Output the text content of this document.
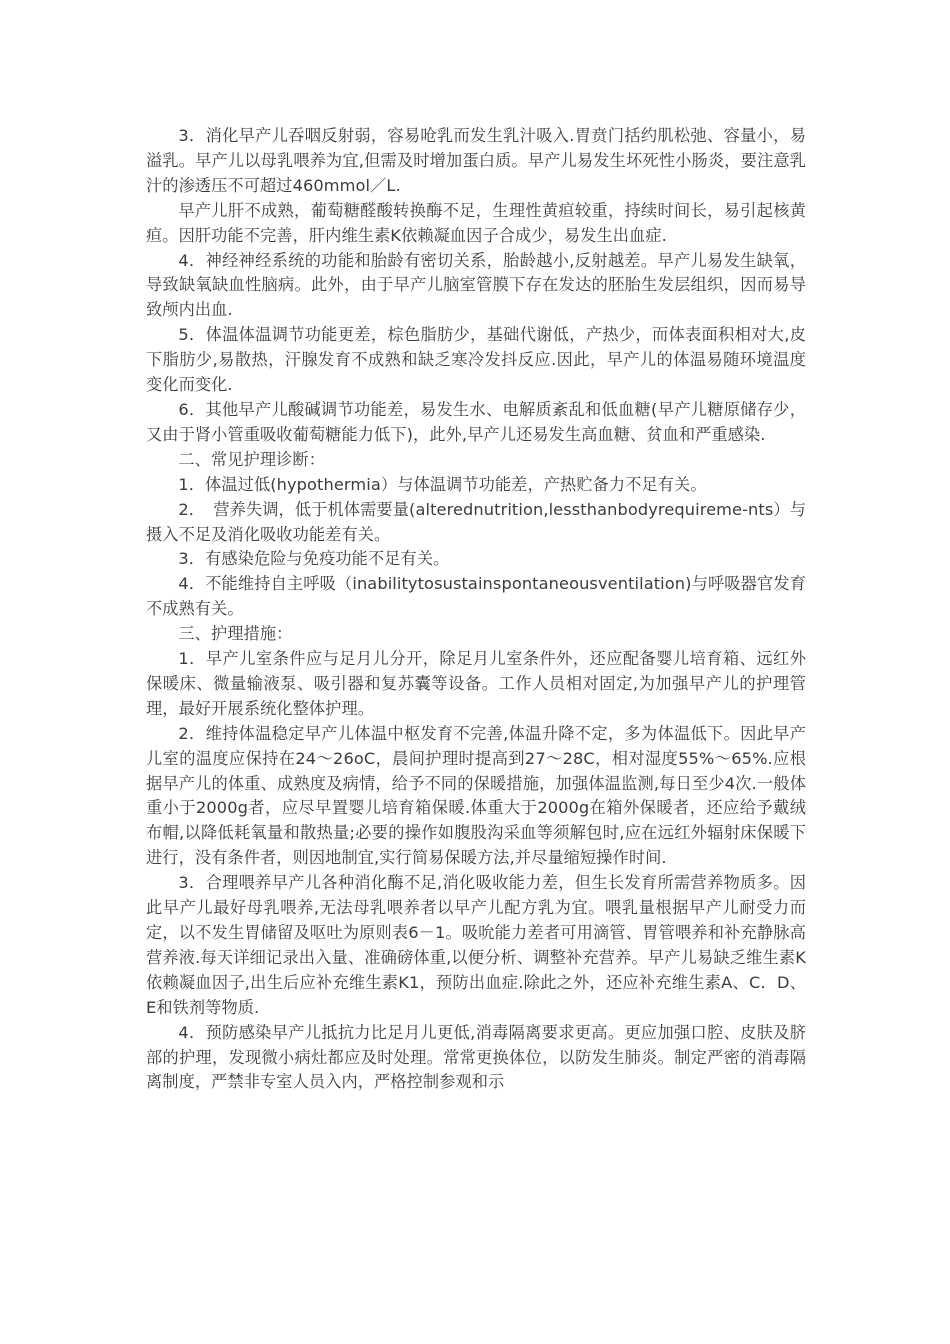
3．消化早产儿吞咽反射弱，容易呛乳而发生乳汁吸入.胃贲门括约肌松弛、容量小，易溢乳。早产儿以母乳喂养为宜,但需及时增加蛋白质。早产儿易发生坏死性小肠炎，要注意乳汁的渗透压不可超过460mmol／L.

早产儿肝不成熟，葡萄糖醛酸转换酶不足，生理性黄疸较重，持续时间长，易引起核黄疸。因肝功能不完善，肝内维生素K依赖凝血因子合成少，易发生出血症.

4．神经神经系统的功能和胎龄有密切关系，胎龄越小,反射越差。早产儿易发生缺氧，导致缺氧缺血性脑病。此外，由于早产儿脑室管膜下存在发达的胚胎生发层组织，因而易导致颅内出血.

5．体温体温调节功能更差，棕色脂肪少，基础代谢低，产热少，而体表面积相对大,皮下脂肪少,易散热，汗腺发育不成熟和缺乏寒冷发抖反应.因此，早产儿的体温易随环境温度变化而变化.

6．其他早产儿酸碱调节功能差，易发生水、电解质紊乱和低血糖(早产儿糖原储存少，又由于肾小管重吸收葡萄糖能力低下)，此外,早产儿还易发生高血糖、贫血和严重感染.

二、常见护理诊断：

1．体温过低(hypothermia）与体温调节功能差，产热贮备力不足有关。

2．　营养失调，低于机体需要量(alterednutrition,lessthanbodyrequireme-nts）与摄入不足及消化吸收功能差有关。

3．有感染危险与免疫功能不足有关。

4．不能维持自主呼吸（inabilitytosustainspontaneousventilation)与呼吸器官发育不成熟有关。

三、护理措施：

1．早产儿室条件应与足月儿分开，除足月儿室条件外，还应配备婴儿培育箱、远红外保暖床、微量输液泵、吸引器和复苏囊等设备。工作人员相对固定,为加强早产儿的护理管理，最好开展系统化整体护理。

2．维持体温稳定早产儿体温中枢发育不完善,体温升降不定，多为体温低下。因此早产儿室的温度应保持在24～26oC，晨间护理时提高到27～28C，相对湿度55%～65%.应根据早产儿的体重、成熟度及病情，给予不同的保暖措施，加强体温监测,每日至少4次.一般体重小于2000g者，应尽早置婴儿培育箱保暖.体重大于2000g在箱外保暖者，还应给予戴绒布帽,以降低耗氧量和散热量;必要的操作如腹股沟采血等须解包时,应在远红外辐射床保暖下进行，没有条件者，则因地制宜,实行简易保暖方法,并尽量缩短操作时间.

3．合理喂养早产儿各种消化酶不足,消化吸收能力差，但生长发育所需营养物质多。因此早产儿最好母乳喂养,无法母乳喂养者以早产儿配方乳为宜。喂乳量根据早产儿耐受力而定，以不发生胃储留及呕吐为原则表6－1。吸吮能力差者可用滴管、胃管喂养和补充静脉高营养液.每天详细记录出入量、准确磅体重,以便分析、调整补充营养。早产儿易缺乏维生素K依赖凝血因子,出生后应补充维生素K1，预防出血症.除此之外，还应补充维生素A、C．D、E和铁剂等物质.

4．预防感染早产儿抵抗力比足月儿更低,消毒隔离要求更高。更应加强口腔、皮肤及脐部的护理，发现微小病灶都应及时处理。常常更换体位，以防发生肺炎。制定严密的消毒隔离制度，严禁非专室人员入内，严格控制参观和示
